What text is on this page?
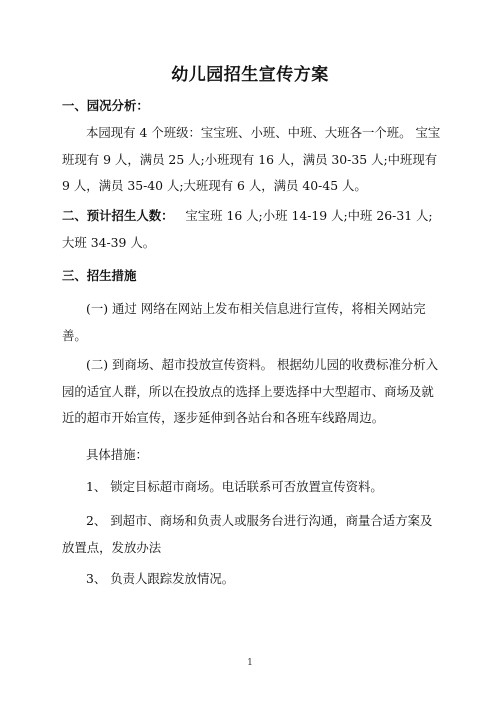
幼儿园招生宣传方案

一、园况分析：

本园现有 4 个班级：宝宝班、小班、中班、大班各一个班。 宝宝班现有 9 人，满员 25 人;小班现有 16 人，满员 30-35 人;中班现有 9 人，满员 35-40 人;大班现有 6 人，满员 40-45 人。

二、预计招生人数： 宝宝班 16 人;小班 14-19 人;中班 26-31 人;大班 34-39 人。

三、招生措施

(一) 通过 网络在网站上发布相关信息进行宣传，将相关网站完善。

(二) 到商场、超市投放宣传资料。 根据幼儿园的收费标准分析入园的适宜人群，所以在投放点的选择上要选择中大型超市、商场及就近的超市开始宣传，逐步延伸到各站台和各班车线路周边。

具体措施：

1、 锁定目标超市商场。电话联系可否放置宣传资料。

2、 到超市、商场和负责人或服务台进行沟通，商量合适方案及放置点，发放办法

3、 负责人跟踪发放情况。

1
